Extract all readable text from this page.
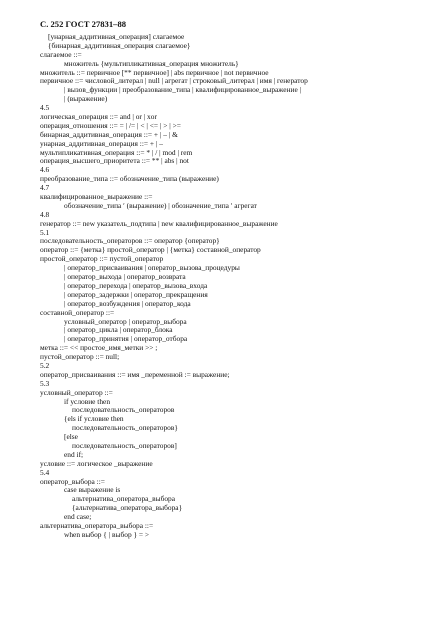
С. 252 ГОСТ 27831–88
[унарная_аддитивная_операция] слагаемое
{бинарная_аддитивная_операция слагаемое}
слагаемое ::=
множитель {мультипликативная_операция множитель}
множитель ::= первичное [** первичное] | abs первичное | not первичное
первичное ::= числовой_литерал | null | агрегат | строковый_литерал | имя | генератор
| вызов_функции | преобразование_типа | квалифицированное_выражение |
| (выражение)
4.5
логическая_операция ::= and | or | xor
операция_отношения ::= = | /= | < | <= | > | >=
бинарная_аддитивная_операция ::= + | – | &
унарная_аддитивная_операция ::= + | –
мультипликативная_операция ::= * | / | mod | rem
операция_высшего_приоритета ::= ** | abs | not
4.6
преобразование_типа ::= обозначение_типа (выражение)
4.7
квалифицированное_выражение ::=
обозначение_типа ʹ (выражение) | обозначение_типа ʹ агрегат
4.8
генератор ::= new указатель_подтипа | new квалифицированное_выражение
5.1
последовательность_операторов ::= оператор {оператор}
оператор ::= {метка} простой_оператор | {метка} составной_оператор
простой_оператор ::= пустой_оператор
| оператор_присваивания | оператор_вызова_процедуры
| оператор_выхода | оператор_возврата
| оператор_перехода | оператор_вызова_входа
| оператор_задержки | оператор_прекращения
| оператор_возбуждения | оператор_кода
составной_оператор ::=
условный_оператор | оператор_выбора
| оператор_цикла | оператор_блока
| оператор_принятия | оператор_отбора
метка ::= << простое_имя_метки >> ;
пустой_оператор ::= null;
5.2
оператор_присваивания ::= имя _переменной := выражение;
5.3
условный_оператор ::=
if условие then
последовательность_операторов
{els if условие then
последовательность_операторов}
[else
последовательность_операторов]
end if;
условие ::= логическое _выражение
5.4
оператор_выбора ::=
case выражение is
альтернатива_оператора_выбора
{альтернатива_оператора_выбора}
end case;
альтернатива_оператора_выбора ::=
when выбор { | выбор } = >
